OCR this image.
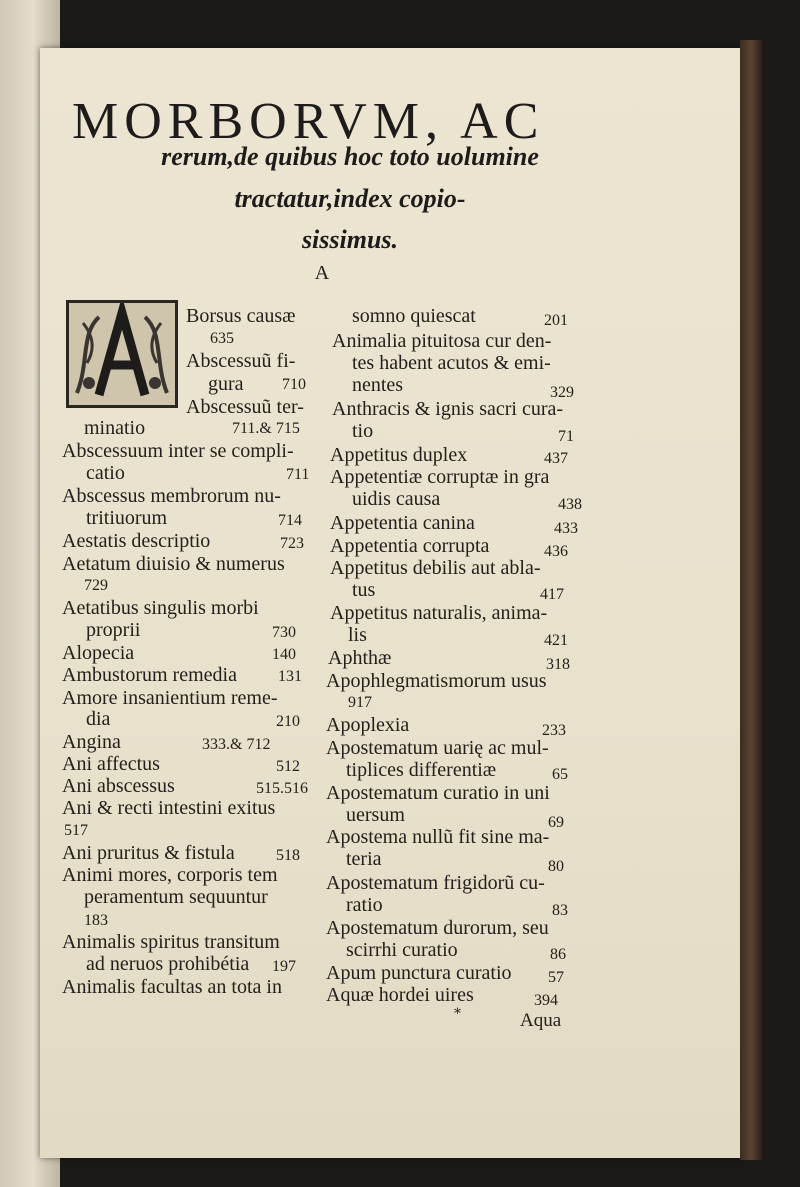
MORBORVM, AC
rerum,de quibus hoc toto uolumine
tractatur,index copio-
sissimus.
A
Borsus causæ
635
Abscessuũ fi-
gura 710
Abscessuũ ter-
minatio	711.& 715
Abscessuum inter se compli-
catio	711
Abscessus membrorum nu-
tritiuorum	714
Aestatis descriptio	723
Aetatum diuisio & numerus
729
Aetatibus singulis morbi
proprii	730
Alopecia	140
Ambustorum remedia	131
Amore insanientium reme-
dia	210
Angina	333.& 712
Ani affectus	512
Ani abscessus	515.516
Ani & recti intestini exitus
517
Ani pruritus & fistula	518
Animi mores, corporis tem
peramentum sequuntur
183
Animalis spiritus transitum
ad neruos prohibétia 197
Animalis facultas an tota in
somno quiescat	201
Animalia pituitosa cur den-
tes habent acutos & emi-
nentes	329
Anthracis & ignis sacri cura-
tio	71
Appetitus duplex	437
Appetentiæ corruptæ in gra
uidis causa	438
Appetentia canina	433
Appetentia corrupta	436
Appetitus debilis aut abla-
tus	417
Appetitus naturalis, anima-
lis	421
Aphthæ	318
Apophlegmatismorum usus
917
Apoplexia	233
Apostematum uarię ac mul-
tiplices differentiæ	65
Apostematum curatio in uni
uersum	69
Apostema nullũ fit sine ma-
teria	80
Apostematum frigidorũ cu-
ratio	83
Apostematum durorum, seu
scirrhi curatio	86
Apum punctura curatio 57
Aquæ hordei uires	394
*	Aqua
